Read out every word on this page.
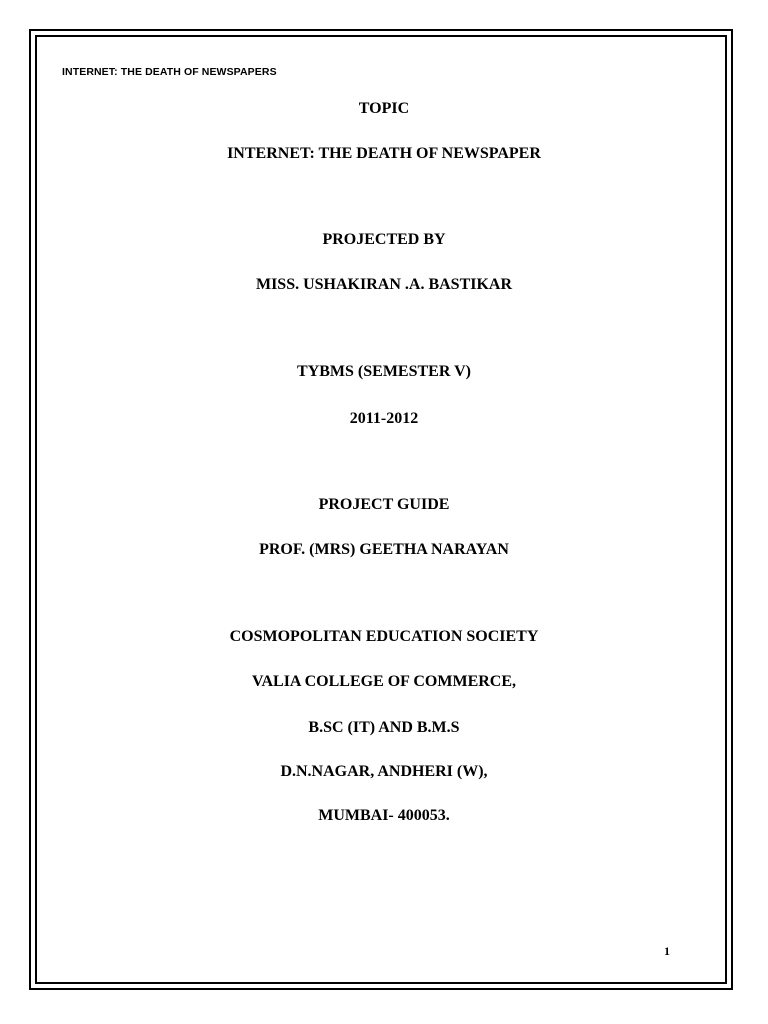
INTERNET: THE DEATH OF NEWSPAPERS
TOPIC
INTERNET: THE DEATH OF NEWSPAPER
PROJECTED BY
MISS. USHAKIRAN .A. BASTIKAR
TYBMS (SEMESTER V)
2011-2012
PROJECT GUIDE
PROF. (MRS) GEETHA NARAYAN
COSMOPOLITAN EDUCATION SOCIETY
VALIA COLLEGE OF COMMERCE,
B.SC (IT) AND B.M.S
D.N.NAGAR, ANDHERI (W),
MUMBAI- 400053.
1
